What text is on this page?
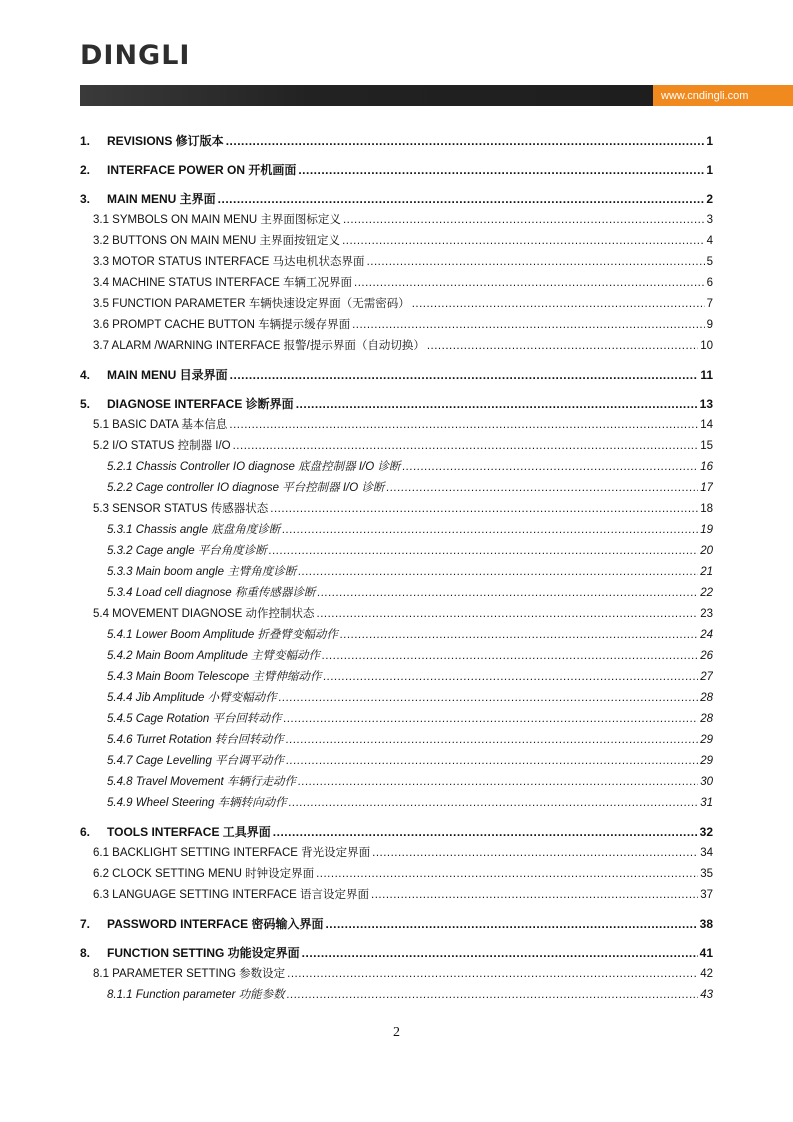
DINGLI
www.cndingli.com
1. REVISIONS 修订版本 .....	1
2. INTERFACE POWER ON 开机画面 .....	1
3. MAIN MENU 主界面 .....	2
3.1 SYMBOLS ON MAIN MENU 主界面图标定义 .....	3
3.2 BUTTONS ON MAIN MENU 主界面按钮定义 .....	4
3.3 MOTOR STATUS INTERFACE 马达电机状态界面 .....	5
3.4 MACHINE STATUS INTERFACE 车辆工况界面 .....	6
3.5 FUNCTION PARAMETER 车辆快速设定界面（无需密码） .....	7
3.6 PROMPT CACHE BUTTON 车辆提示缓存界面 .....	9
3.7 ALARM /WARNING INTERFACE 报警/提示界面（自动切换） .....	10
4. MAIN MENU 目录界面 .....	11
5. DIAGNOSE INTERFACE 诊断界面 .....	13
5.1 BASIC DATA 基本信息 .....	14
5.2 I/O STATUS 控制器 I/O .....	15
5.2.1 Chassis Controller IO diagnose 底盘控制器 I/O 诊断 .....	16
5.2.2 Cage controller IO diagnose 平台控制器 I/O 诊断 .....	17
5.3 SENSOR STATUS 传感器状态 .....	18
5.3.1 Chassis angle 底盘角度诊断 .....	19
5.3.2 Cage angle 平台角度诊断 .....	20
5.3.3 Main boom angle 主臂角度诊断 .....	21
5.3.4 Load cell diagnose 称重传感器诊断 .....	22
5.4 MOVEMENT DIAGNOSE 动作控制状态 .....	23
5.4.1 Lower Boom Amplitude 折叠臂变幅动作 .....	24
5.4.2 Main Boom Amplitude 主臂变幅动作 .....	26
5.4.3 Main Boom Telescope 主臂伸缩动作 .....	27
5.4.4 Jib Amplitude 小臂变幅动作 .....	28
5.4.5 Cage Rotation 平台回转动作 .....	28
5.4.6 Turret Rotation 转台回转动作 .....	29
5.4.7 Cage Levelling 平台调平动作 .....	29
5.4.8 Travel Movement 车辆行走动作 .....	30
5.4.9 Wheel Steering 车辆转向动作 .....	31
6. TOOLS INTERFACE 工具界面 .....	32
6.1 BACKLIGHT SETTING INTERFACE 背光设定界面 .....	34
6.2 CLOCK SETTING MENU 时钟设定界面 .....	35
6.3 LANGUAGE SETTING INTERFACE 语言设定界面 .....	37
7. PASSWORD INTERFACE 密码输入界面 .....	38
8. FUNCTION SETTING 功能设定界面 .....	41
8.1 PARAMETER SETTING 参数设定 .....	42
8.1.1 Function parameter 功能参数 .....	43
2
